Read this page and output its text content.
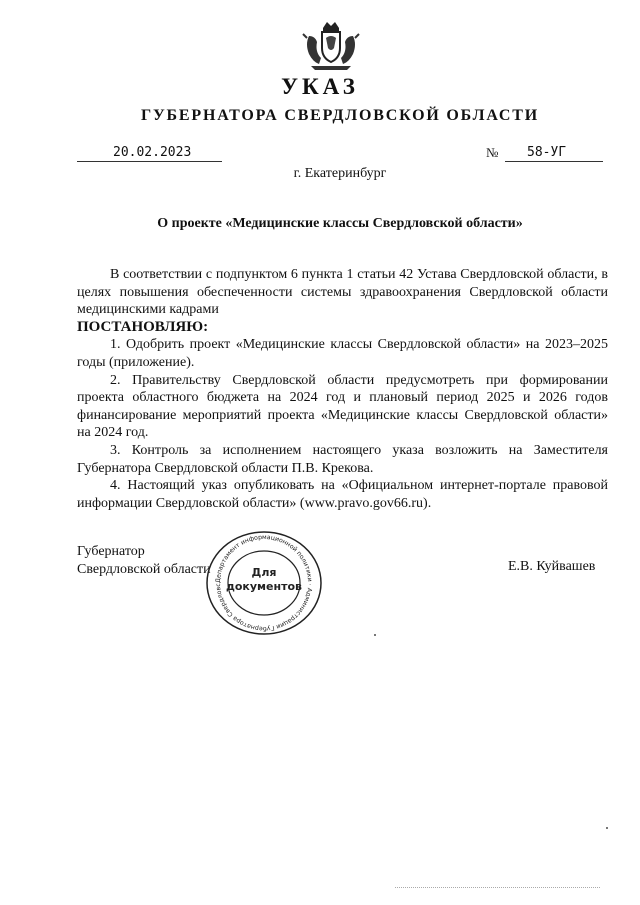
УКАЗ
ГУБЕРНАТОРА СВЕРДЛОВСКОЙ ОБЛАСТИ
20.02.2023	№	58-УГ
г. Екатеринбург
О проекте «Медицинские классы Свердловской области»

В соответствии с подпунктом 6 пункта 1 статьи 42 Устава Свердловской области, в целях повышения обеспеченности системы здравоохранения Свердловской области медицинскими кадрами

ПОСТАНОВЛЯЮ:

1. Одобрить проект «Медицинские классы Свердловской области» на 2023–2025 годы (приложение).

2. Правительству Свердловской области предусмотреть при формировании проекта областного бюджета на 2024 год и плановый период 2025 и 2026 годов финансирование мероприятий проекта «Медицинские классы Свердловской области» на 2024 год.

3. Контроль за исполнением настоящего указа возложить на Заместителя Губернатора Свердловской области П.В. Крекова.

4. Настоящий указ опубликовать на «Официальном интернет-портале правовой информации Свердловской области» (www.pravo.gov66.ru).

Губернатор
Свердловской области
Департамент информационной политики · Администрации Губернатора Свердловс
Для
документов
Е.В. Куйвашев
